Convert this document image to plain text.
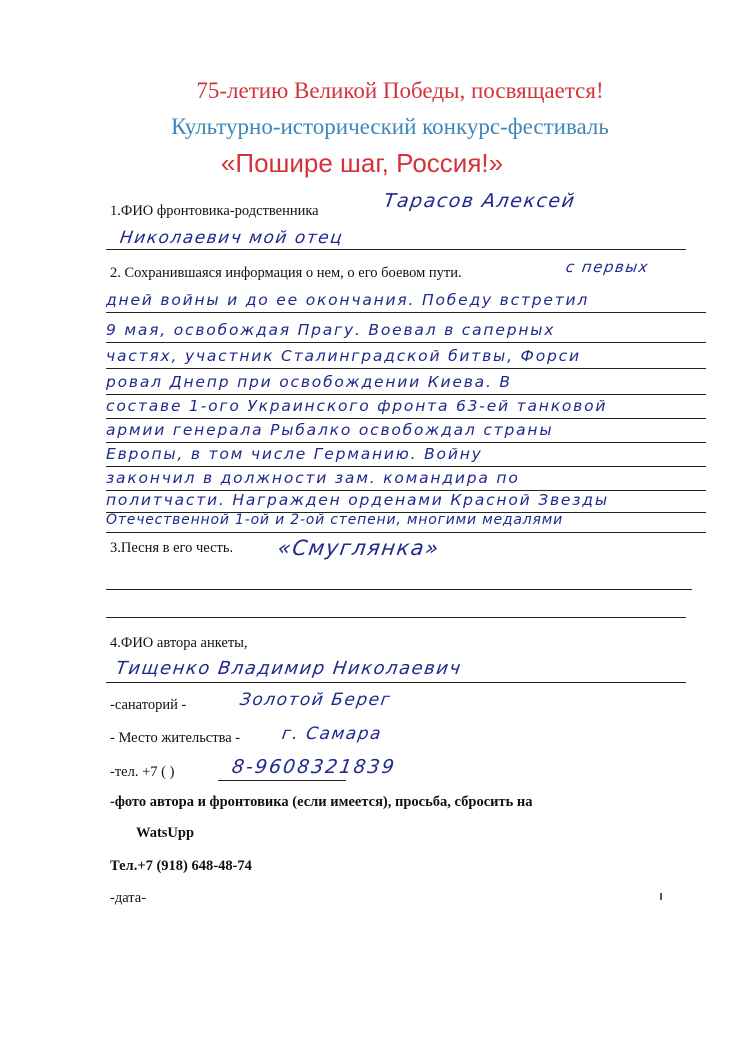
75-летию Великой Победы, посвящается!
Культурно-исторический конкурс-фестиваль
«Пошире шаг, Россия!»
1.ФИО фронтовика-родственника	Тарасов Алексей
Николаевич мой отец
2. Сохранившаяся информация о нем, о его боевом пути.	с первых
дней войны и до ее окончания. Победу встретил
9 мая, освобождая Прагу. Воевал в саперных
частях, участник Сталинградской битвы, Форси
ровал Днепр при освобождении Киева. В
составе 1-ого Украинского фронта 63-ей танковой
армии генерала Рыбалко освобождал страны
Европы, в том числе Германию. Войну
закончил в должности зам. командира по
политчасти. Награжден орденами Красной Звезды
Отечественной 1-ой и 2-ой степени, многими медалями
3.Песня в его честь. «Смуглянка»
4.ФИО автора анкеты,
Тищенко Владимир Николаевич
-санаторий -	Золотой Берег
- Место жительства - г. Самара
-тел. +7 ( )	8-9608321839
-фото автора и фронтовика (если имеется), просьба, сбросить на
WatsUpp
Тел.+7 (918) 648-48-74
-дата-
